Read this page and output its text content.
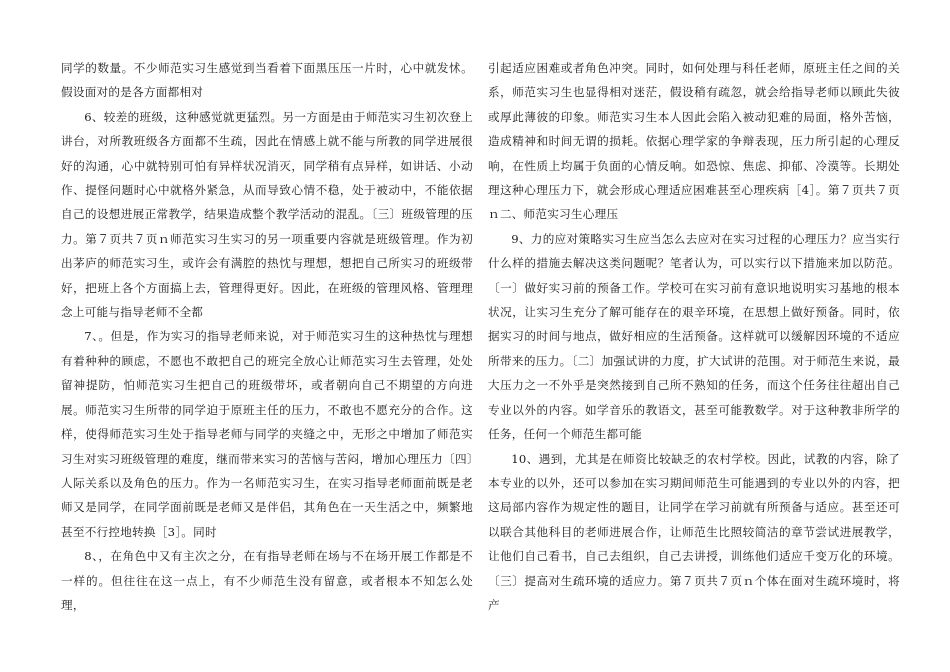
同学的数量。不少师范实习生感觉到当看着下面黑压压一片时，心中就发怵。假设面对的是各方面都相对

6、较差的班级，这种感觉就更猛烈。另一方面是由于师范实习生初次登上讲台，对所教班级各方面都不生疏，因此在情感上就不能与所教的同学进展很好的沟通，心中就特别可怕有异样状况消灭，同学稍有点异样，如讲话、小动作、提怪问题时心中就格外紧急，从而导致心情不稳，处于被动中，不能依据自己的设想进展正常教学，结果造成整个教学活动的混乱。〔三〕班级管理的压力。第７页共７页ｎ师范实习生实习的另一项重要内容就是班级管理。作为初出茅庐的师范实习生，或许会有满腔的热忱与理想，想把自己所实习的班级带好，把班上各个方面搞上去，管理得更好。因此，在班级的管理风格、管理理念上可能与指导老师不全都

7、。但是，作为实习的指导老师来说，对于师范实习生的这种热忱与理想有着种种的顾虑，不愿也不敢把自己的班完全放心让师范实习生去管理，处处留神提防，怕师范实习生把自己的班级带坏，或者朝向自己不期望的方向进展。师范实习生所带的同学迫于原班主任的压力，不敢也不愿充分的合作。这样，使得师范实习生处于指导老师与同学的夹缝之中，无形之中增加了师范实习生对实习班级管理的难度，继而带来实习的苦恼与苦闷，增加心理压力〔四〕人际关系以及角色的压力。作为一名师范实习生，在实习指导老师面前既是老师又是同学，在同学面前既是老师又是伴侣，其角色在一天生活之中，频繁地甚至不行控地转换［3］。同时

8、，在角色中又有主次之分，在有指导老师在场与不在场开展工作都是不一样的。但往往在这一点上，有不少师范生没有留意，或者根本不知怎么处理，

引起适应困难或者角色冲突。同时，如何处理与科任老师，原班主任之间的关系，师范实习生也显得相对迷茫，假设稍有疏忽，就会给指导老师以顾此失彼或厚此薄彼的印象。师范实习生本人因此会陷入被动犯难的局面，格外苦恼，造成精神和时间无谓的损耗。依据心理学家的争辩表现，压力所引起的心理反响，在性质上均属于负面的心情反响。如恐惊、焦虑、抑郁、冷漠等。长期处理这种心理压力下，就会形成心理适应困难甚至心理疾病［4］。第７页共７页ｎ二、师范实习生心理压

9、力的应对策略实习生应当怎么去应对在实习过程的心理压力？应当实行什么样的措施去解决这类问题呢？笔者认为，可以实行以下措施来加以防范。〔一〕做好实习前的预备工作。学校可在实习前有意识地说明实习基地的根本状况，让实习生充分了解可能存在的艰辛环境，在思想上做好预备。同时，依据实习的时间与地点，做好相应的生活预备。这样就可以缓解因环境的不适应所带来的压力。〔二〕加强试讲的力度，扩大试讲的范围。对于师范生来说，最大压力之一不外乎是突然接到自己所不熟知的任务，而这个任务往往超出自己专业以外的内容。如学音乐的教语文，甚至可能教数学。对于这种教非所学的任务，任何一个师范生都可能

10、遇到，尤其是在师资比较缺乏的农村学校。因此，试教的内容，除了本专业的以外，还可以参加在实习期间师范生可能遇到的专业以外的内容，把这局部内容作为规定性的题目，让同学在学习前就有所预备与适应。甚至还可以联合其他科目的老师进展合作，让师范生比照较简洁的章节尝试进展教学，让他们自己看书，自己去组织，自己去讲授，训练他们适应千变万化的环境。〔三〕提高对生疏环境的适应力。第７页共７页ｎ个体在面对生疏环境时，将产
